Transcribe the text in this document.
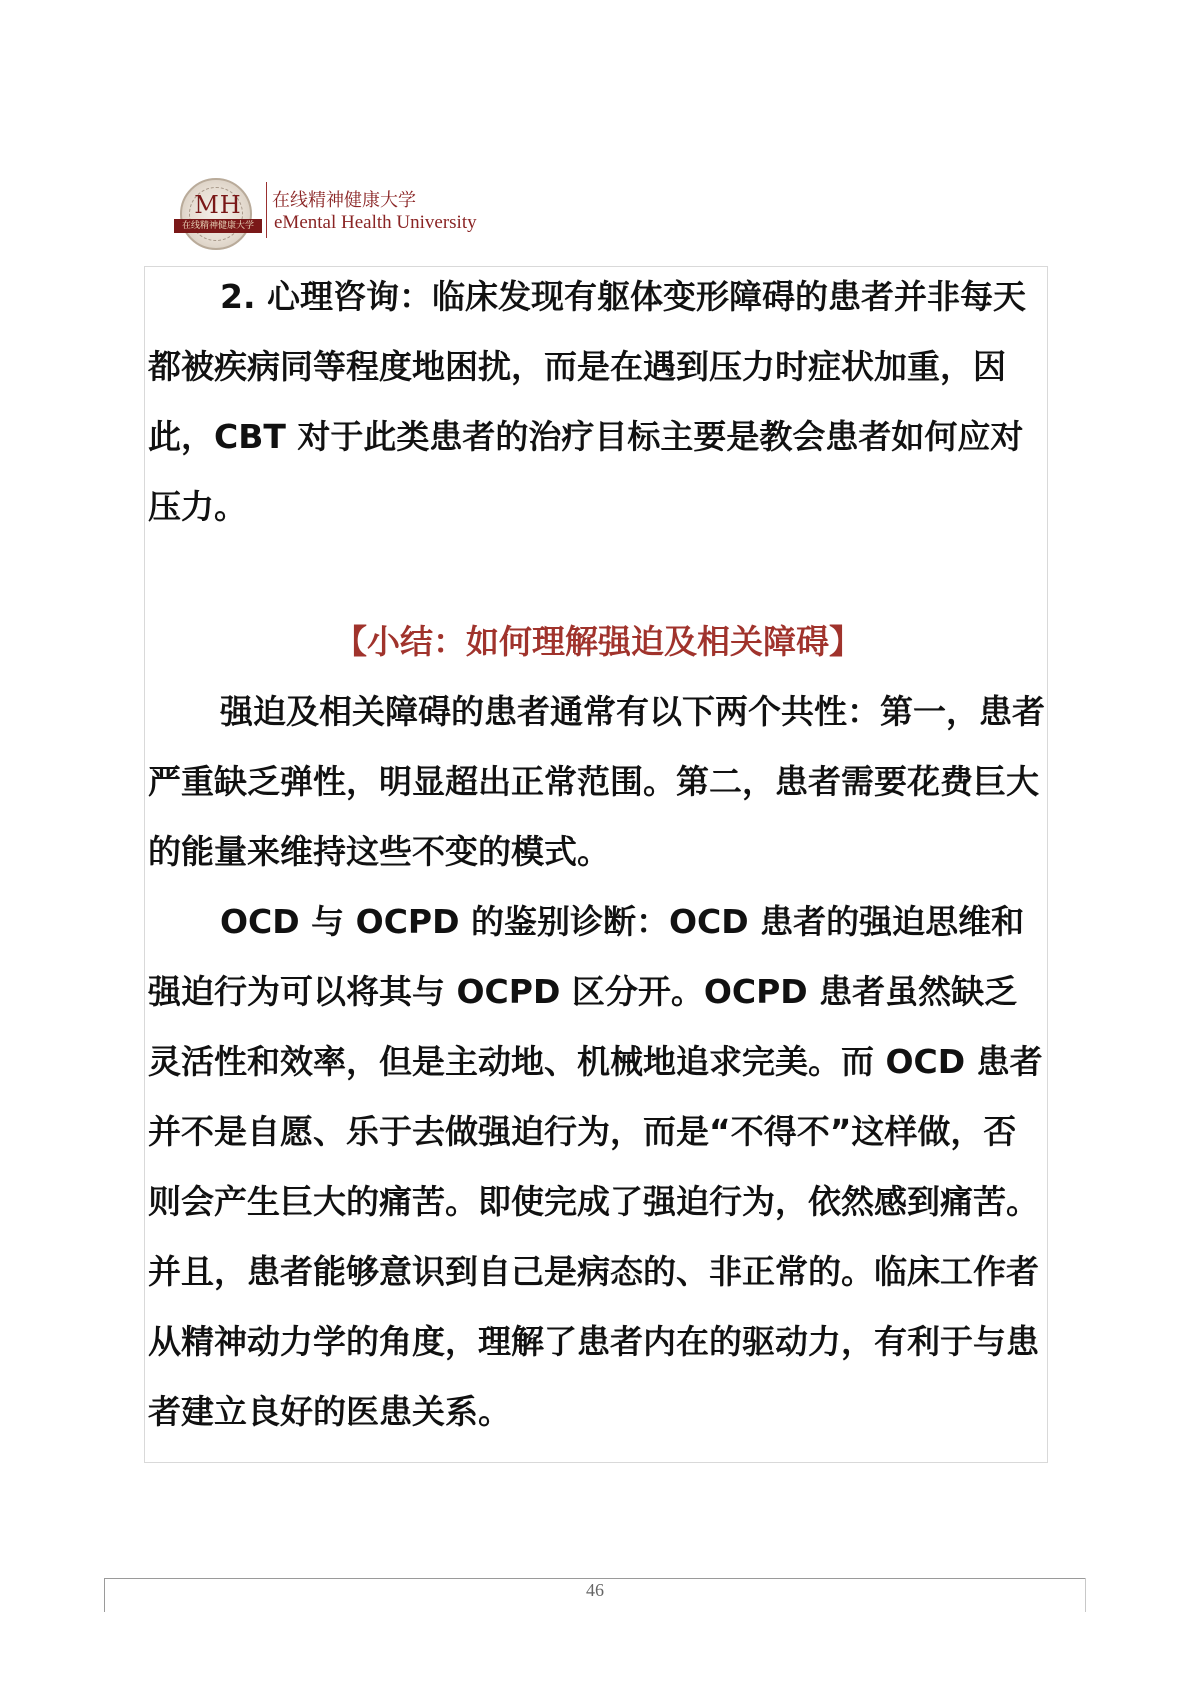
MH
在线精神健康大学
在线精神健康大学
eMental Health University

2. 心理咨询：临床发现有躯体变形障碍的患者并非每天都被疾病同等程度地困扰，而是在遇到压力时症状加重，因此，CBT 对于此类患者的治疗目标主要是教会患者如何应对压力。

【小结：如何理解强迫及相关障碍】

强迫及相关障碍的患者通常有以下两个共性：第一，患者严重缺乏弹性，明显超出正常范围。第二，患者需要花费巨大的能量来维持这些不变的模式。

OCD 与 OCPD 的鉴别诊断：OCD 患者的强迫思维和强迫行为可以将其与 OCPD 区分开。OCPD 患者虽然缺乏灵活性和效率，但是主动地、机械地追求完美。而 OCD 患者并不是自愿、乐于去做强迫行为，而是“不得不”这样做，否则会产生巨大的痛苦。即使完成了强迫行为，依然感到痛苦。并且，患者能够意识到自己是病态的、非正常的。临床工作者从精神动力学的角度，理解了患者内在的驱动力，有利于与患者建立良好的医患关系。

46
